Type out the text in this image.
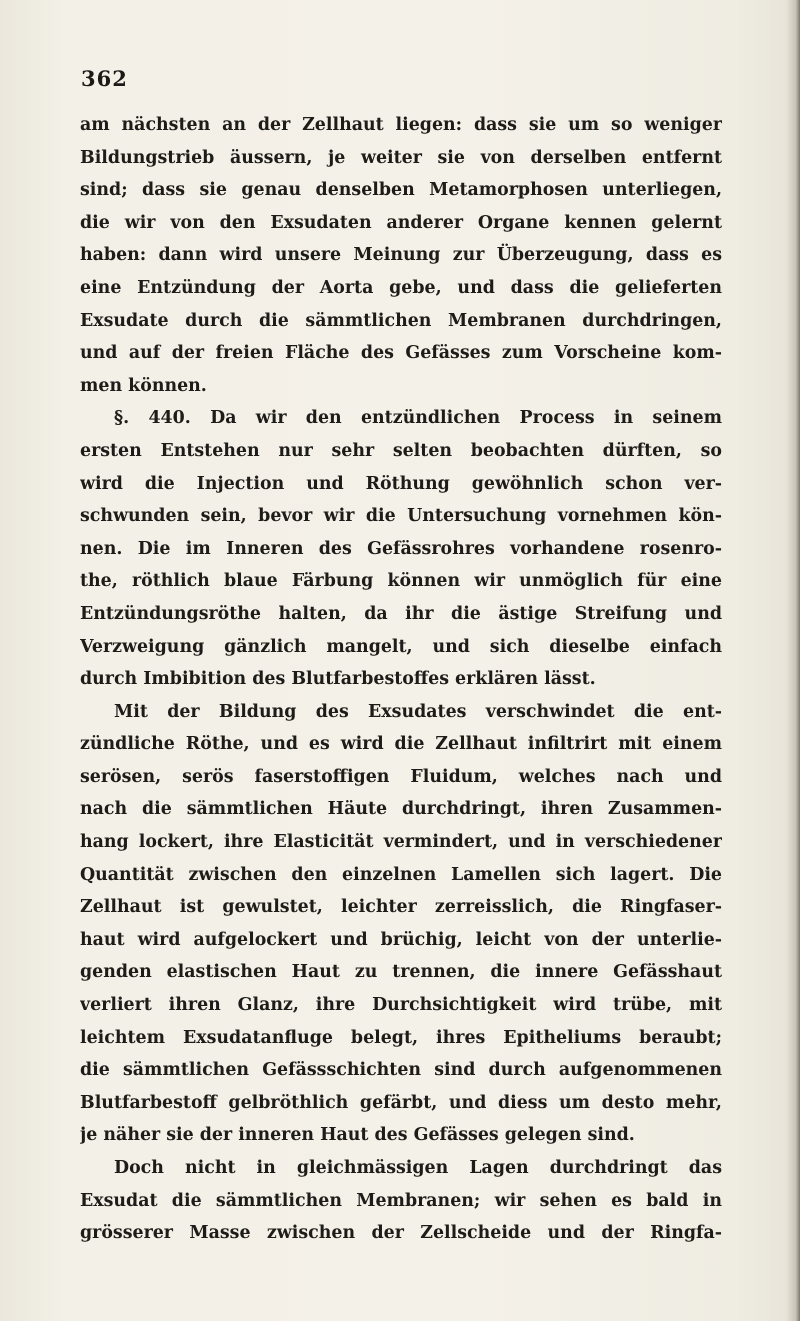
362
am nächsten an der Zellhaut liegen: dass sie um so weniger
Bildungstrieb äussern, je weiter sie von derselben entfernt
sind; dass sie genau denselben Metamorphosen unterliegen,
die wir von den Exsudaten anderer Organe kennen gelernt
haben: dann wird unsere Meinung zur Überzeugung, dass es
eine Entzündung der Aorta gebe, und dass die gelieferten
Exsudate durch die sämmtlichen Membranen durchdringen,
und auf der freien Fläche des Gefässes zum Vorscheine kom-
men können.
§. 440. Da wir den entzündlichen Process in seinem
ersten Entstehen nur sehr selten beobachten dürften, so
wird die Injection und Röthung gewöhnlich schon ver-
schwunden sein, bevor wir die Untersuchung vornehmen kön-
nen. Die im Inneren des Gefässrohres vorhandene rosenro-
the, röthlich blaue Färbung können wir unmöglich für eine
Entzündungsröthe halten, da ihr die ästige Streifung und
Verzweigung gänzlich mangelt, und sich dieselbe einfach
durch Imbibition des Blutfarbestoffes erklären lässt.
Mit der Bildung des Exsudates verschwindet die ent-
zündliche Röthe, und es wird die Zellhaut infiltrirt mit einem
serösen, serös faserstoffigen Fluidum, welches nach und
nach die sämmtlichen Häute durchdringt, ihren Zusammen-
hang lockert, ihre Elasticität vermindert, und in verschiedener
Quantität zwischen den einzelnen Lamellen sich lagert. Die
Zellhaut ist gewulstet, leichter zerreisslich, die Ringfaser-
haut wird aufgelockert und brüchig, leicht von der unterlie-
genden elastischen Haut zu trennen, die innere Gefässhaut
verliert ihren Glanz, ihre Durchsichtigkeit wird trübe, mit
leichtem Exsudatanfluge belegt, ihres Epitheliums beraubt;
die sämmtlichen Gefässschichten sind durch aufgenommenen
Blutfarbestoff gelbröthlich gefärbt, und diess um desto mehr,
je näher sie der inneren Haut des Gefässes gelegen sind.
Doch nicht in gleichmässigen Lagen durchdringt das
Exsudat die sämmtlichen Membranen; wir sehen es bald in
grösserer Masse zwischen der Zellscheide und der Ringfa-
